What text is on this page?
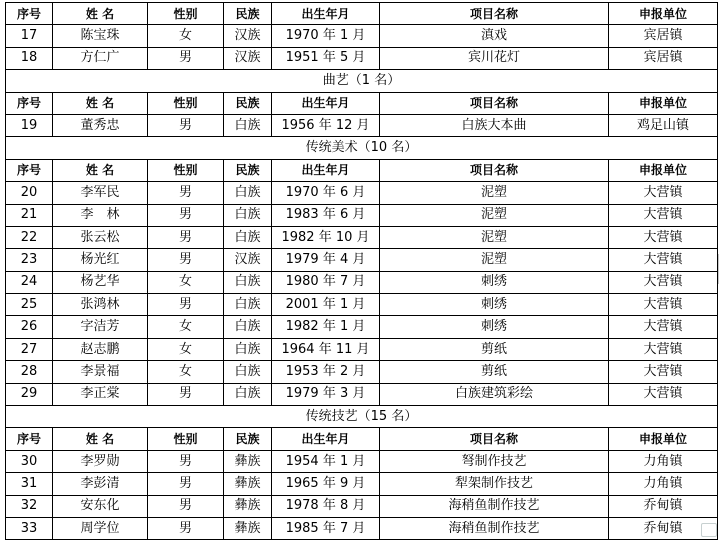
序号	姓 名	性别	民族	出生年月	项目名称	申报单位
17	陈宝珠	女	汉族	1970 年 1 月	滇戏	宾居镇
18	方仁广	男	汉族	1951 年 5 月	宾川花灯	宾居镇
曲艺（1 名）						
序号	姓 名	性别	民族	出生年月	项目名称	申报单位
19	董秀忠	男	白族	1956 年 12 月	白族大本曲	鸡足山镇
传统美术（10 名）						
序号	姓 名	性别	民族	出生年月	项目名称	申报单位
20	李军民	男	白族	1970 年 6 月	泥塑	大营镇
21	李　林	男	白族	1983 年 6 月	泥塑	大营镇
22	张云松	男	白族	1982 年 10 月	泥塑	大营镇
23	杨光红	男	汉族	1979 年 4 月	泥塑	大营镇
24	杨艺华	女	白族	1980 年 7 月	刺绣	大营镇
25	张鸿林	男	白族	2001 年 1 月	刺绣	大营镇
26	字洁芳	女	白族	1982 年 1 月	刺绣	大营镇
27	赵志鹏	女	白族	1964 年 11 月	剪纸	大营镇
28	李景福	女	白族	1953 年 2 月	剪纸	大营镇
29	李正棠	男	白族	1979 年 3 月	白族建筑彩绘	大营镇
传统技艺（15 名）						
序号	姓 名	性别	民族	出生年月	项目名称	申报单位
30	李罗勋	男	彝族	1954 年 1 月	弩制作技艺	力角镇
31	李彭清	男	彝族	1965 年 9 月	犁架制作技艺	力角镇
32	安东化	男	彝族	1978 年 8 月	海稍鱼制作技艺	乔甸镇
33	周学位	男	彝族	1985 年 7 月	海稍鱼制作技艺	乔甸镇
